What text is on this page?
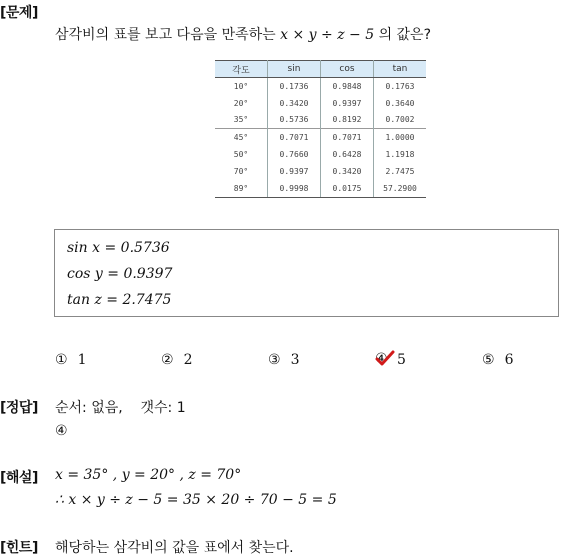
[문제]
삼각비의 표를 보고 다음을 만족하는 x × y ÷ z − 5 의 값은?
각도	sin	cos	tan
10°	0.1736	0.9848	0.1763
20°	0.3420	0.9397	0.3640
35°	0.5736	0.8192	0.7002
45°	0.7071	0.7071	1.0000
50°	0.7660	0.6428	1.1918
70°	0.9397	0.3420	2.7475
89°	0.9998	0.0175	57.2900
sin x = 0.5736
cos y = 0.9397
tan z = 2.7475
① 1	② 2	③ 3	④ 5	⑤ 6
[정답] 순서: 없음,    갯수: 1
④
[해설] x = 35° , y = 20° , z = 70°
∴ x × y ÷ z − 5 = 35 × 20 ÷ 70 − 5 = 5
[힌트] 해당하는 삼각비의 값을 표에서 찾는다.
